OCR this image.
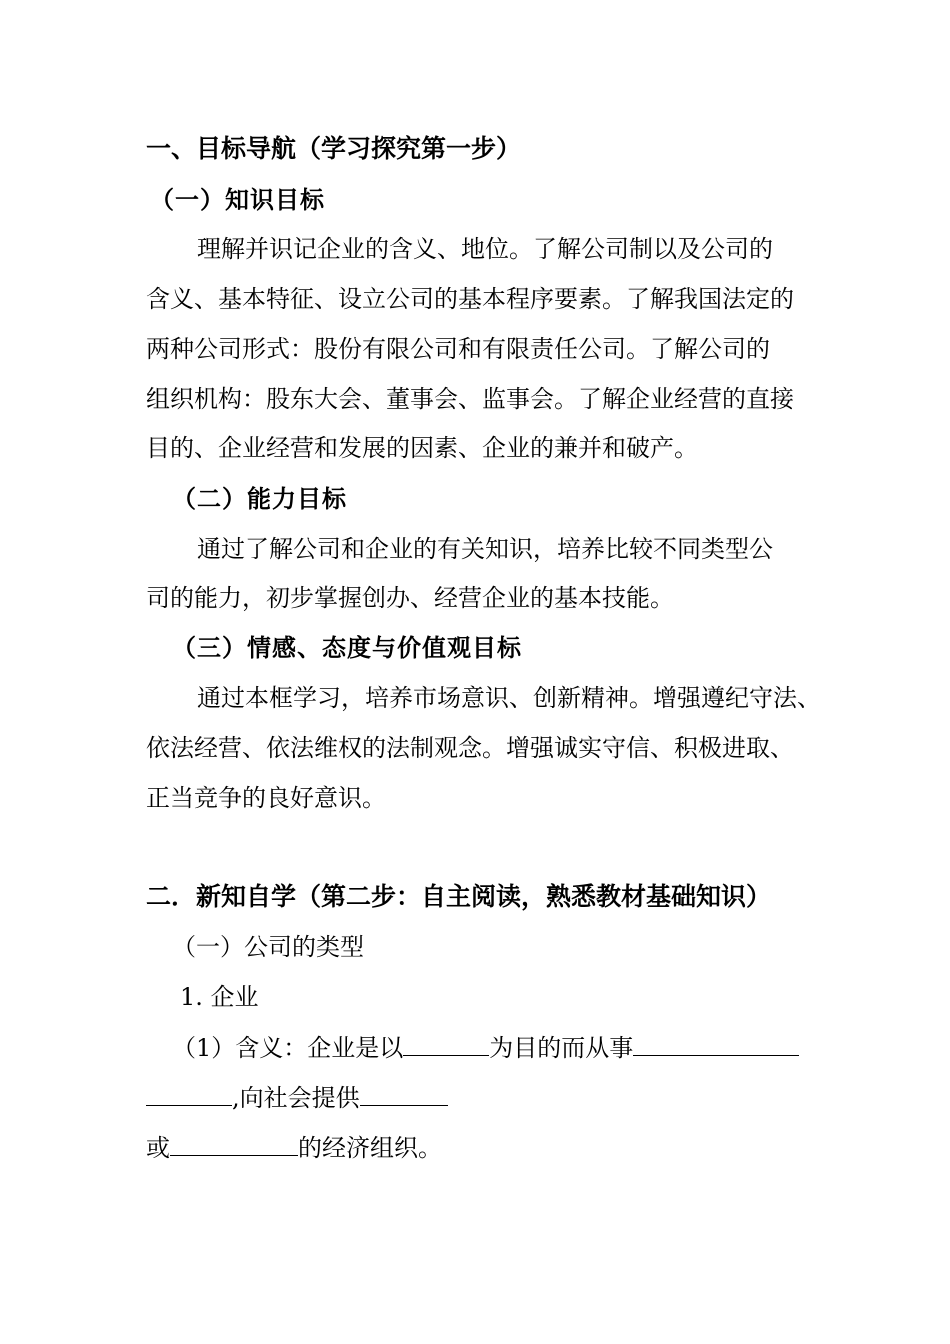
一、目标导航（学习探究第一步）
（一）知识目标
理解并识记企业的含义、地位。了解公司制以及公司的
含义、基本特征、设立公司的基本程序要素。了解我国法定的
两种公司形式：股份有限公司和有限责任公司。了解公司的
组织机构：股东大会、董事会、监事会。了解企业经营的直接
目的、企业经营和发展的因素、企业的兼并和破产。
（二）能力目标
通过了解公司和企业的有关知识，培养比较不同类型公
司的能力，初步掌握创办、经营企业的基本技能。
（三）情感、态度与价值观目标
通过本框学习，培养市场意识、创新精神。增强遵纪守法、
依法经营、依法维权的法制观念。增强诚实守信、积极进取、
正当竞争的良好意识。
二．新知自学（第二步：自主阅读，熟悉教材基础知识）
（一）公司的类型
1. 企业
（1）含义：企业是以	为目的而从事
,向社会提供
或	的经济组织。
